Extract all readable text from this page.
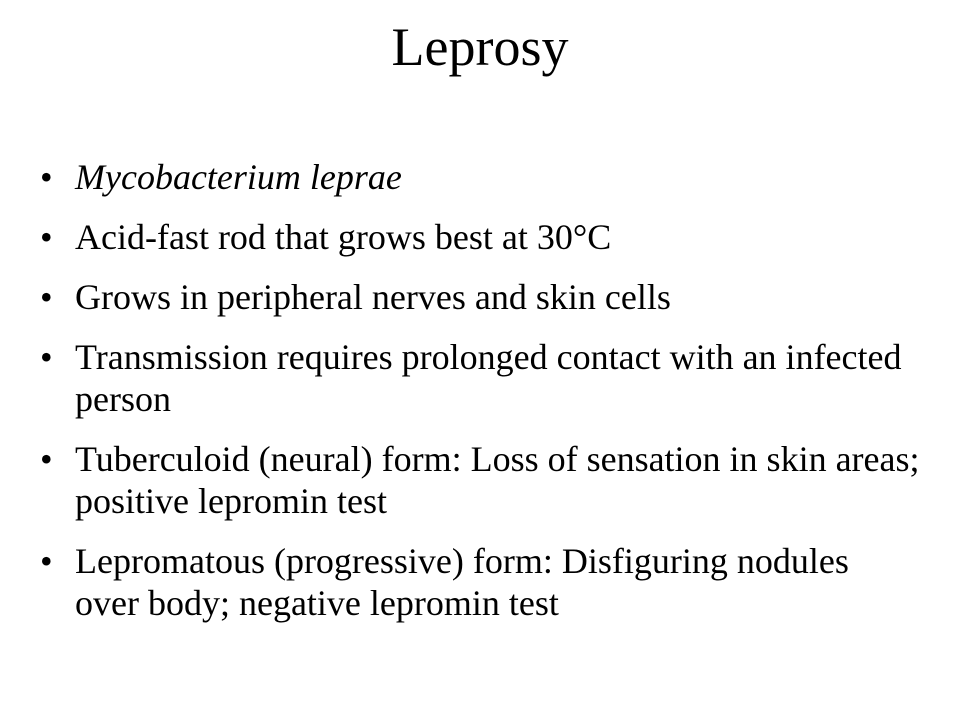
Leprosy
• Mycobacterium leprae
• Acid-fast rod that grows best at 30°C
• Grows in peripheral nerves and skin cells
• Transmission requires prolonged contact with an infected person
• Tuberculoid (neural) form: Loss of sensation in skin areas; positive lepromin test
• Lepromatous (progressive) form: Disfiguring nodules over body; negative lepromin test
